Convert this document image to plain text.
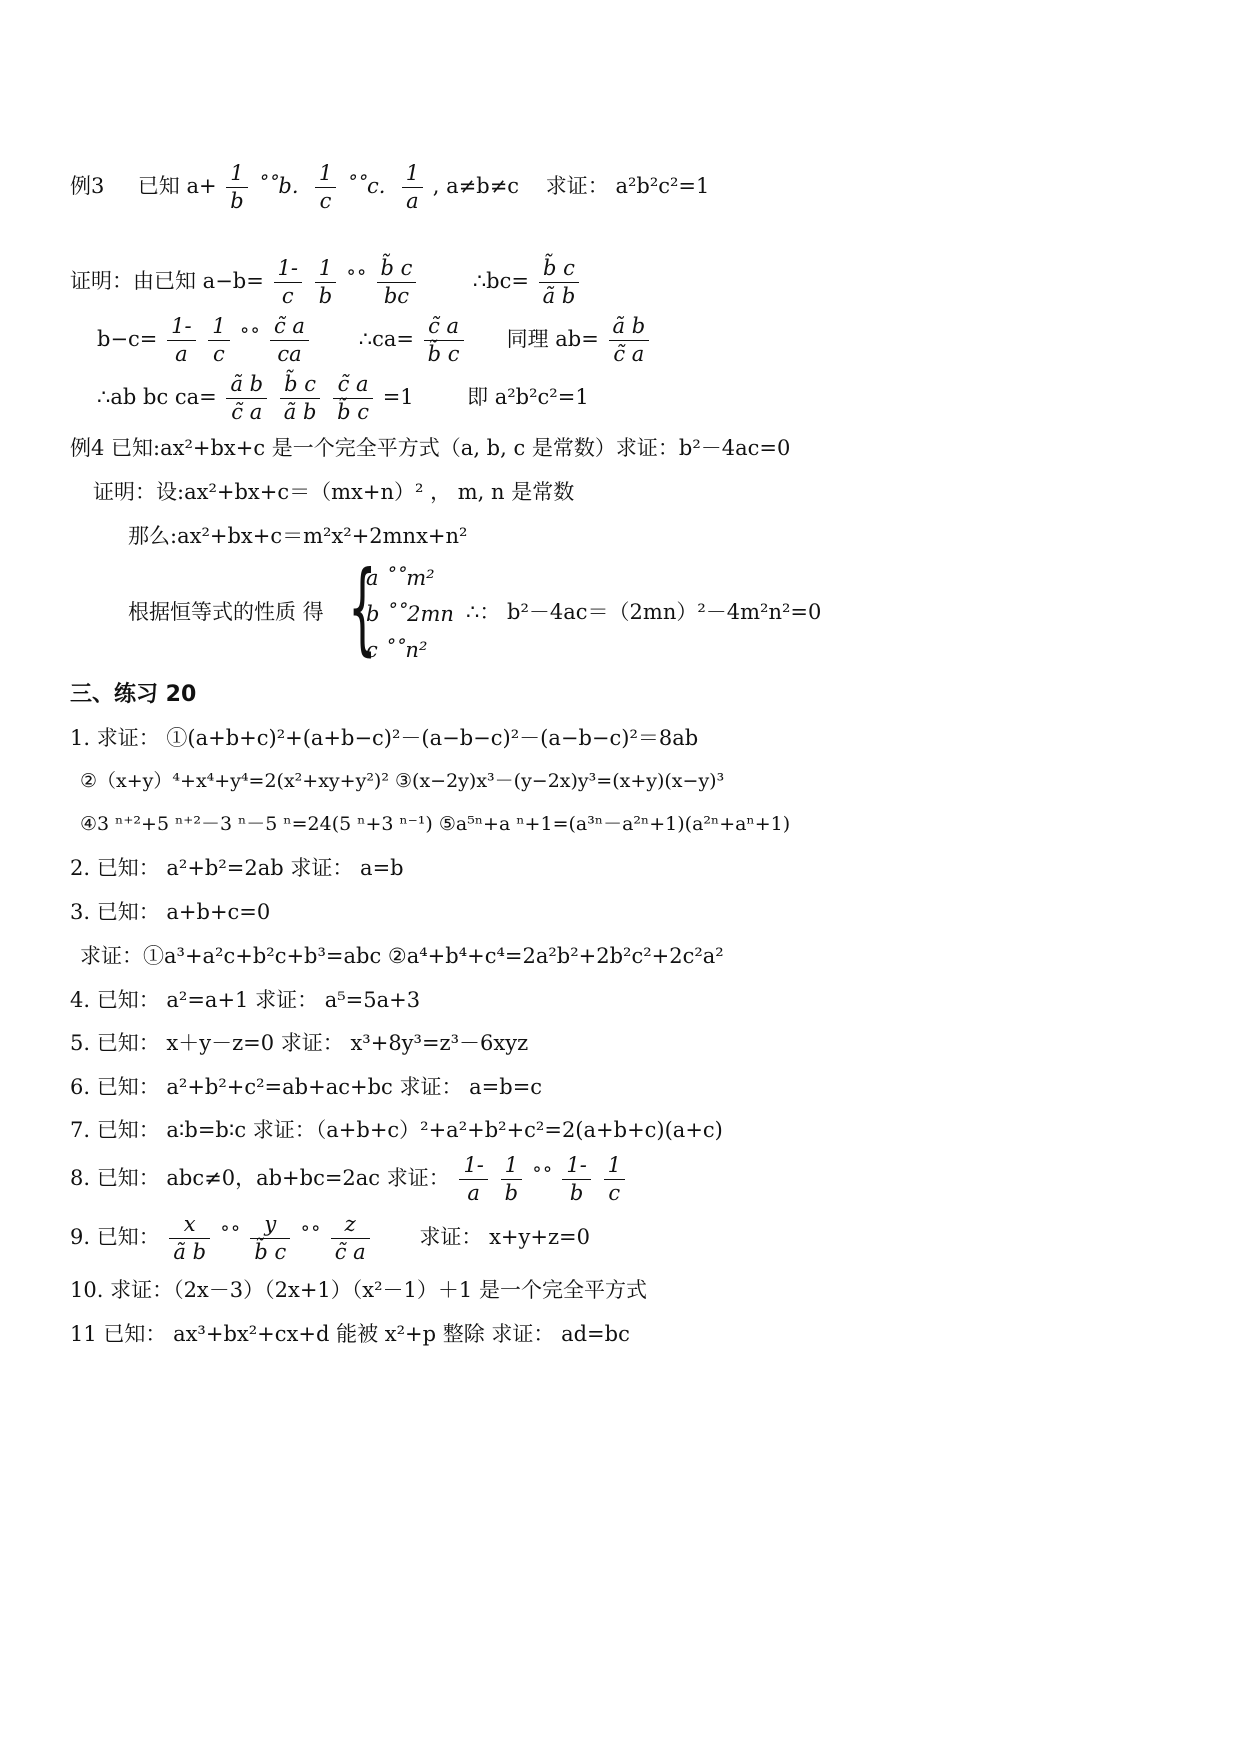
例3 已知 $a+ \frac{1}{b}$ ˚˚b. $\frac{1}{c}$ ˚˚c. $\frac{1}{a}$ , a≠b≠c 求证： a²b²c²=1
证明：由已知 $a-b= \frac{1-}{c}$
$\frac{1}{b}$ ˚˚ $\frac{b̃ c}{bc}$	∴bc= $\frac{b̃ c}{\text{ã b}}$
$b-c= \frac{1-}{a}$
$\frac{1}{c}$ ˚˚ $\frac{c̃ a}{ca}$ ∴ca= $\frac{c̃ a}{b̃ c}$ 同理 $ab= \frac{\text{ã b}}{c̃ a}$
∴ab bc $ca= \frac{\text{ã b}}{c̃ a}$
$\frac{b̃ c}{\text{ã b}}$
$\frac{c̃ a}{b̃ c} =1$	即 a²b²c²=1
例4 已知:ax²+bx+c 是一个完全平方式（a, b, c 是常数）求证：b²－4ac=0
证明：设:ax²+bx+c＝（mx+n）² ， m, n 是常数
那么:ax²+bx+c＝m²x²+2mnx+n²
根据恒等式的性质 得 {
a ˚˚m²
b ˚˚2mn
c ˚˚n²
∴： b²－4ac＝（2mn）²－4m²n²=0
三、练习 20
1. 求证： ①(a+b+c)²+(a+b−c)²－(a−b−c)²－(a−b−c)²＝8ab
②（x+y）⁴+x⁴+y⁴=2(x²+xy+y²)² ③(x−2y)x³－(y−2x)y³=(x+y)(x−y)³
④3 ⁿ⁺²+5 ⁿ⁺²－3 ⁿ－5 ⁿ=24(5 ⁿ+3 ⁿ⁻¹) ⑤a⁵ⁿ+a ⁿ+1=(a³ⁿ－a²ⁿ+1)(a²ⁿ+aⁿ+1)
2. 已知： a²+b²=2ab 求证： a=b
3. 已知： a+b+c=0
求证：①a³+a²c+b²c+b³=abc ②a⁴+b⁴+c⁴=2a²b²+2b²c²+2c²a²
4. 已知： a²=a+1 求证： a⁵=5a+3
5. 已知： x＋y－z=0 求证： x³+8y³=z³－6xyz
6. 已知： a²+b²+c²=ab+ac+bc 求证： a=b=c
7. 已知： a∶b=b∶c 求证：（a+b+c）²+a²+b²+c²=2(a+b+c)(a+c)
8. 已知： abc≠0，ab+bc=2ac 求证： $\frac{1-}{a}$
$\frac{1}{b}$ ˚˚ $\frac{1-}{b}$
$\frac{1}{c}$
9. 已知： $\frac{x}{\text{ã b}}$ ˚˚ $\frac{y}{b̃ c}$ ˚˚ $\frac{z}{c̃ a}$ 求证： x+y+z=0
10. 求证：（2x－3）（2x+1）（x²－1）＋1 是一个完全平方式
11 已知： ax³+bx²+cx+d 能被 x²+p 整除 求证： ad=bc
